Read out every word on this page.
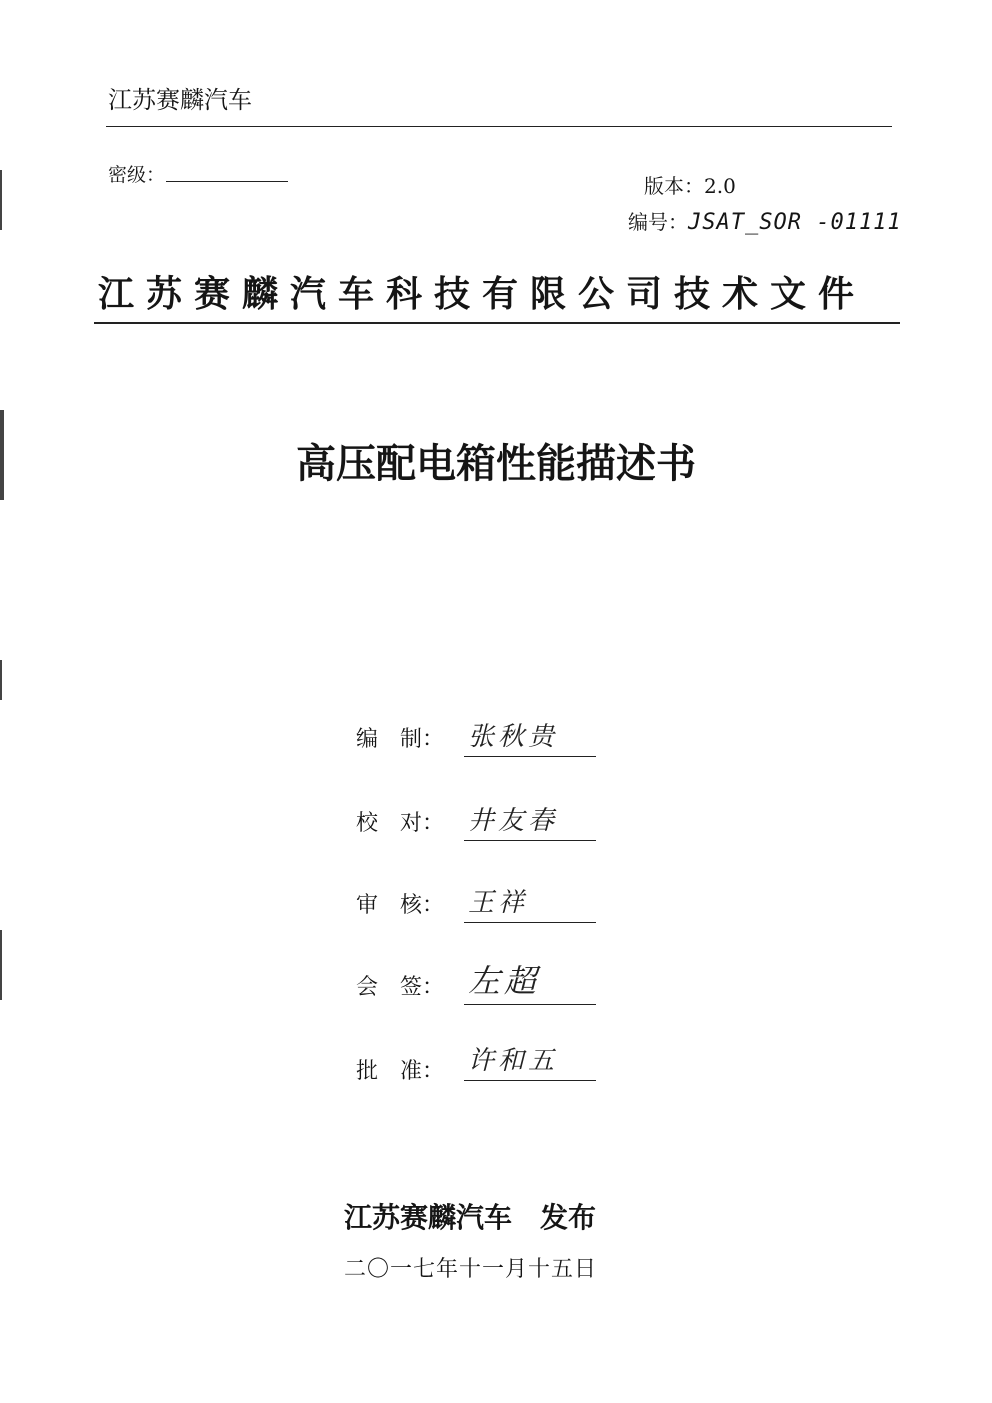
江苏赛麟汽车
密级：	版本：2.0
编号：JSAT_SOR -01111
江苏赛麟汽车科技有限公司技术文件
高压配电箱性能描述书
编　制： 张秋贵
校　对： 井友春
审　核： 王祥
会　签： 左超
批　准： 许和五
江苏赛麟汽车　发布
二〇一七年十一月十五日
